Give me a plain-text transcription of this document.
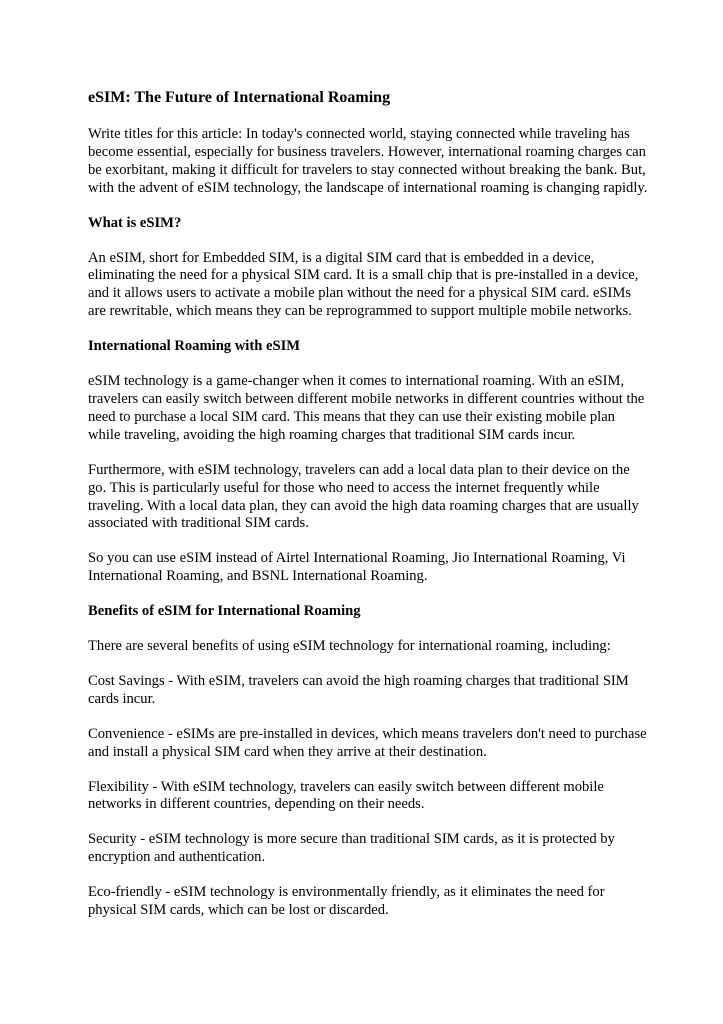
eSIM: The Future of International Roaming

Write titles for this article: In today's connected world, staying connected while traveling has become essential, especially for business travelers. However, international roaming charges can be exorbitant, making it difficult for travelers to stay connected without breaking the bank. But, with the advent of eSIM technology, the landscape of international roaming is changing rapidly.

What is eSIM?

An eSIM, short for Embedded SIM, is a digital SIM card that is embedded in a device, eliminating the need for a physical SIM card. It is a small chip that is pre-installed in a device, and it allows users to activate a mobile plan without the need for a physical SIM card. eSIMs are rewritable, which means they can be reprogrammed to support multiple mobile networks.

International Roaming with eSIM

eSIM technology is a game-changer when it comes to international roaming. With an eSIM, travelers can easily switch between different mobile networks in different countries without the need to purchase a local SIM card. This means that they can use their existing mobile plan while traveling, avoiding the high roaming charges that traditional SIM cards incur.

Furthermore, with eSIM technology, travelers can add a local data plan to their device on the go. This is particularly useful for those who need to access the internet frequently while traveling. With a local data plan, they can avoid the high data roaming charges that are usually associated with traditional SIM cards.

So you can use eSIM instead of Airtel International Roaming, Jio International Roaming, Vi International Roaming, and BSNL International Roaming.

Benefits of eSIM for International Roaming

There are several benefits of using eSIM technology for international roaming, including:

Cost Savings - With eSIM, travelers can avoid the high roaming charges that traditional SIM cards incur.

Convenience - eSIMs are pre-installed in devices, which means travelers don't need to purchase and install a physical SIM card when they arrive at their destination.

Flexibility - With eSIM technology, travelers can easily switch between different mobile networks in different countries, depending on their needs.

Security - eSIM technology is more secure than traditional SIM cards, as it is protected by encryption and authentication.

Eco-friendly - eSIM technology is environmentally friendly, as it eliminates the need for physical SIM cards, which can be lost or discarded.
